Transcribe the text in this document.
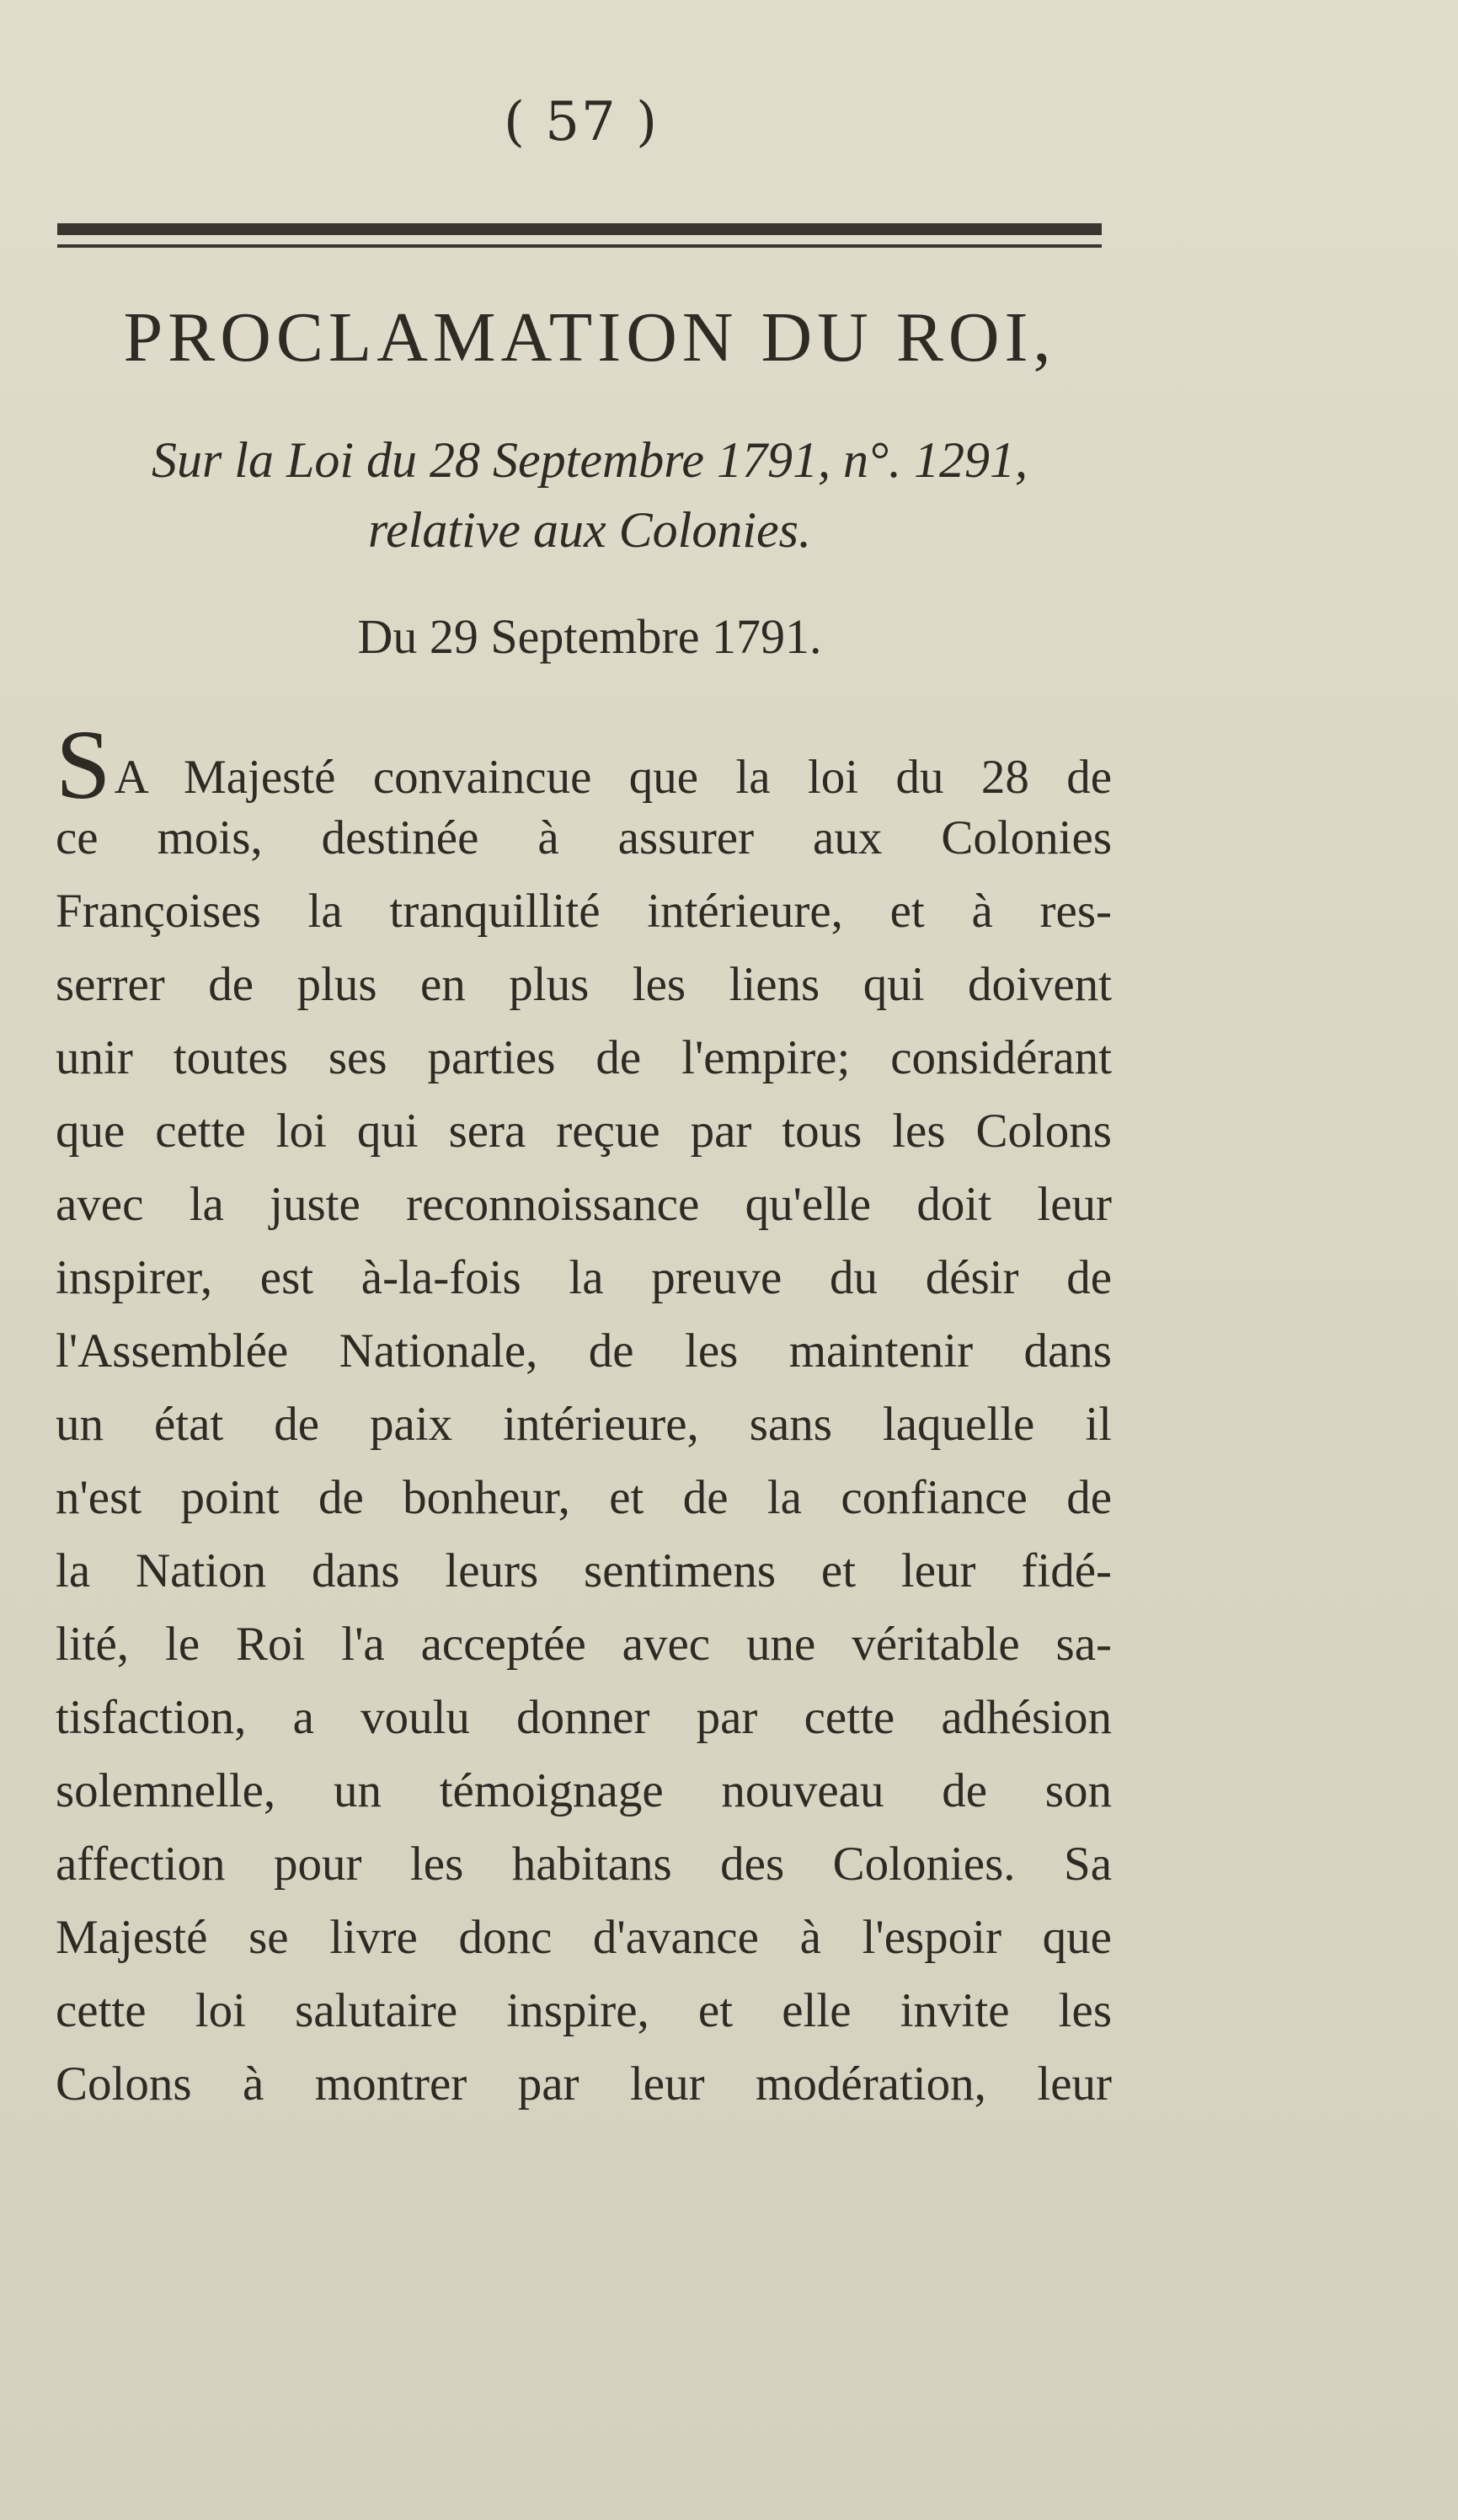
( 57 )
PROCLAMATION DU ROI,
Sur la Loi du 28 Septembre 1791, n°. 1291,
relative aux Colonies.
Du 29 Septembre 1791.
SA Majesté convaincue que la loi du 28 de
ce mois, destinée à assurer aux Colonies
Françoises la tranquillité intérieure, et à res-
serrer de plus en plus les liens qui doivent
unir toutes ses parties de l'empire; considérant
que cette loi qui sera reçue par tous les Colons
avec la juste reconnoissance qu'elle doit leur
inspirer, est à-la-fois la preuve du désir de
l'Assemblée Nationale, de les maintenir dans
un état de paix intérieure, sans laquelle il
n'est point de bonheur, et de la confiance de
la Nation dans leurs sentimens et leur fidé-
lité, le Roi l'a acceptée avec une véritable sa-
tisfaction, a voulu donner par cette adhésion
solemnelle, un témoignage nouveau de son
affection pour les habitans des Colonies. Sa
Majesté se livre donc d'avance à l'espoir que
cette loi salutaire inspire, et elle invite les
Colons à montrer par leur modération, leur
